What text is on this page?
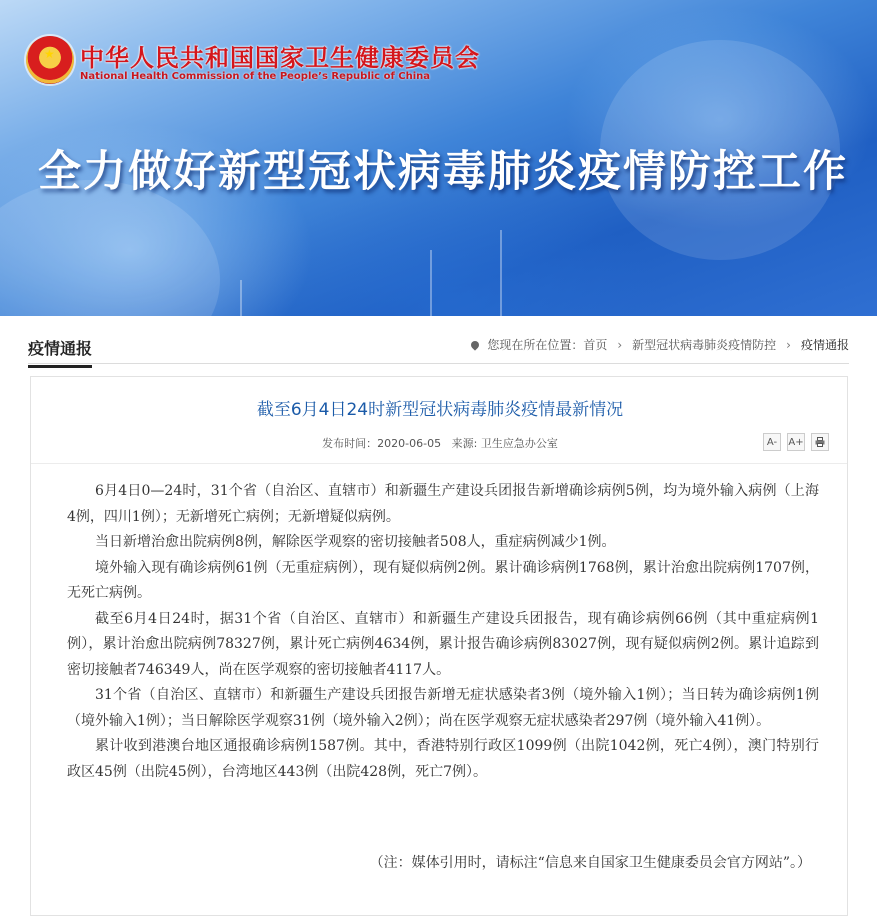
★ 中华人民共和国国家卫生健康委员会
National Health Commission of the People’s Republic of China
全力做好新型冠状病毒肺炎疫情防控工作
疫情通报	您现在所在位置： 首页 › 新型冠状病毒肺炎疫情防控 › 疫情通报
截至6月4日24时新型冠状病毒肺炎疫情最新情况
发布时间：2020-06-05 来源: 卫生应急办公室	A-	A+

6月4日0—24时，31个省（自治区、直辖市）和新疆生产建设兵团报告新增确诊病例5例，均为境外输入病例（上海4例，四川1例）；无新增死亡病例；无新增疑似病例。

当日新增治愈出院病例8例，解除医学观察的密切接触者508人，重症病例减少1例。

境外输入现有确诊病例61例（无重症病例），现有疑似病例2例。累计确诊病例1768例，累计治愈出院病例1707例，无死亡病例。

截至6月4日24时，据31个省（自治区、直辖市）和新疆生产建设兵团报告，现有确诊病例66例（其中重症病例1例），累计治愈出院病例78327例，累计死亡病例4634例，累计报告确诊病例83027例，现有疑似病例2例。累计追踪到密切接触者746349人，尚在医学观察的密切接触者4117人。

31个省（自治区、直辖市）和新疆生产建设兵团报告新增无症状感染者3例（境外输入1例）；当日转为确诊病例1例（境外输入1例）；当日解除医学观察31例（境外输入2例）；尚在医学观察无症状感染者297例（境外输入41例）。

累计收到港澳台地区通报确诊病例1587例。其中，香港特别行政区1099例（出院1042例，死亡4例），澳门特别行政区45例（出院45例），台湾地区443例（出院428例，死亡7例）。

（注：媒体引用时，请标注“信息来自国家卫生健康委员会官方网站”。）
